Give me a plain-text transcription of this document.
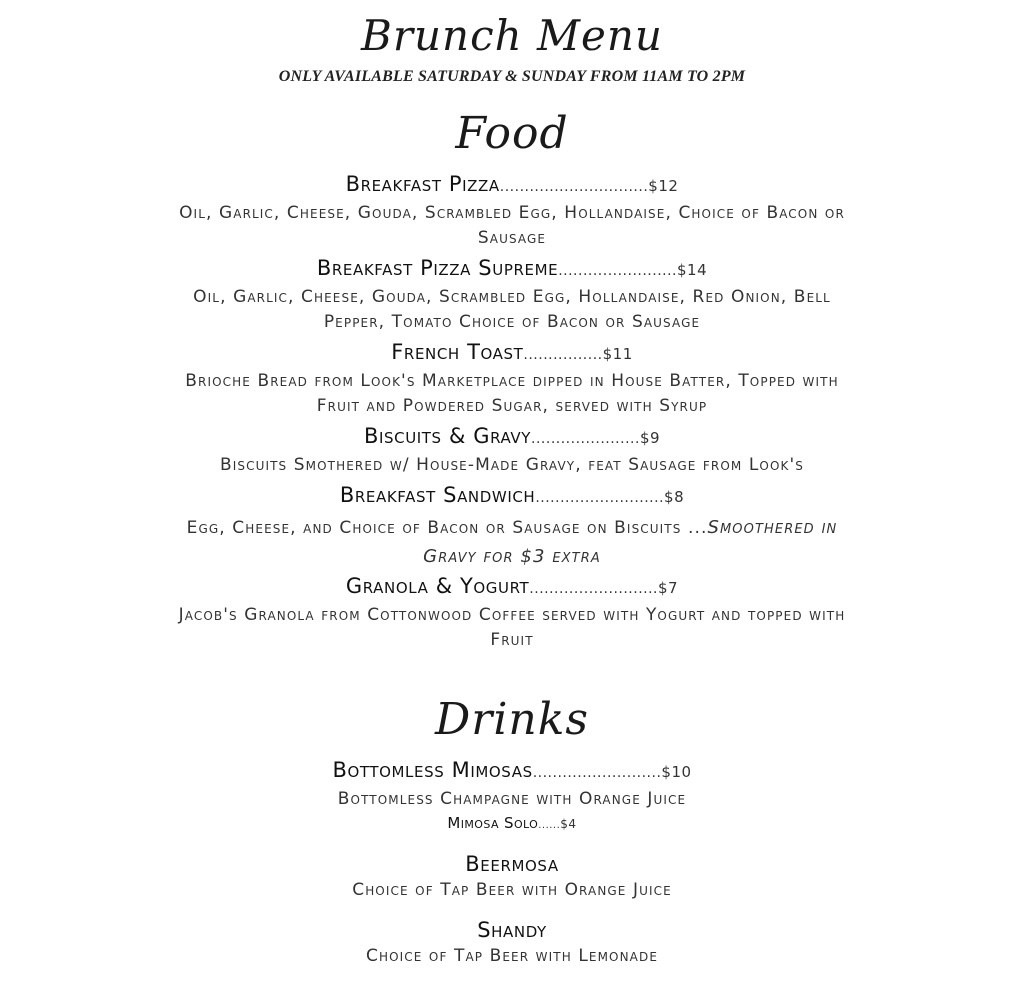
Brunch Menu
ONLY AVAILABLE SATURDAY & SUNDAY FROM 11AM TO 2PM
Food
Breakfast Pizza..............................$12
Oil, Garlic, Cheese, Gouda, Scrambled Egg, Hollandaise, Choice of Bacon or
Sausage
Breakfast Pizza Supreme........................$14
Oil, Garlic, Cheese, Gouda, Scrambled Egg, Hollandaise, Red Onion, Bell
Pepper, Tomato Choice of Bacon or Sausage
French Toast................$11
Brioche Bread from Look's Marketplace dipped in House Batter, Topped with
Fruit and Powdered Sugar, served with Syrup
Biscuits & Gravy......................$9
Biscuits Smothered w/ House-Made Gravy, feat Sausage from Look's
Breakfast Sandwich..........................$8
Egg, Cheese, and Choice of Bacon or Sausage on Biscuits ...Smoothered in
Gravy for $3 extra
Granola & Yogurt..........................$7
Jacob's Granola from Cottonwood Coffee served with Yogurt and topped with
Fruit
Drinks
Bottomless Mimosas..........................$10
Bottomless Champagne with Orange Juice
Mimosa Solo......$4
Beermosa
Choice of Tap Beer with Orange Juice
Shandy
Choice of Tap Beer with Lemonade
